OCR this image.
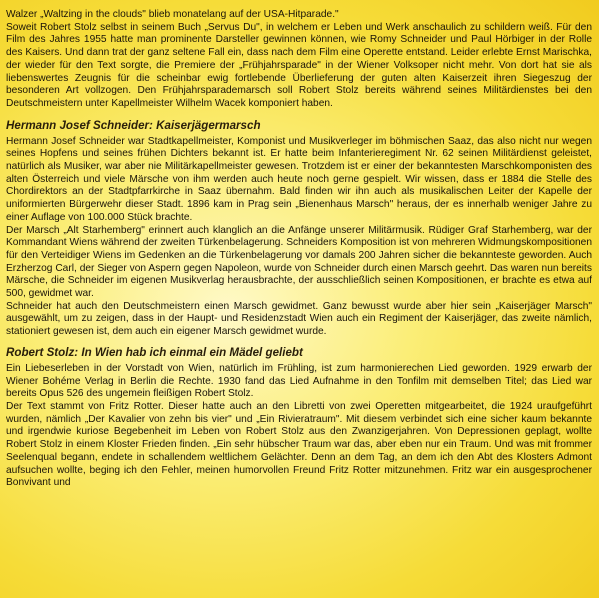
Walzer „Waltzing in the clouds" blieb monatelang auf der USA-Hitparade."

Soweit Robert Stolz selbst in seinem Buch „Servus Du", in welchem er Leben und Werk anschaulich zu schildern weiß. Für den Film des Jahres 1955 hatte man prominente Darsteller gewinnen können, wie Romy Schneider und Paul Hörbiger in der Rolle des Kaisers. Und dann trat der ganz seltene Fall ein, dass nach dem Film eine Operette entstand. Leider erlebte Ernst Marischka, der wieder für den Text sorgte, die Premiere der „Frühjahrsparade" in der Wiener Volksoper nicht mehr. Von dort hat sie als liebenswertes Zeugnis für die scheinbar ewig fortlebende Überlieferung der guten alten Kaiserzeit ihren Siegeszug der besonderen Art vollzogen. Den Frühjahrsparademarsch soll Robert Stolz bereits während seines Militärdienstes bei den Deutschmeistern unter Kapellmeister Wilhelm Wacek komponiert haben.

Hermann Josef Schneider: Kaiserjägermarsch

Hermann Josef Schneider war Stadtkapellmeister, Komponist und Musikverleger im böhmischen Saaz, das also nicht nur wegen seines Hopfens und seines frühen Dichters bekannt ist. Er hatte beim Infanterieregiment Nr. 62 seinen Militärdienst geleistet, natürlich als Musiker, war aber nie Militärkapellmeister gewesen. Trotzdem ist er einer der bekanntesten Marschkomponisten des alten Österreich und viele Märsche von ihm werden auch heute noch gerne gespielt. Wir wissen, dass er 1884 die Stelle des Chordirektors an der Stadtpfarrkirche in Saaz übernahm. Bald finden wir ihn auch als musikalischen Leiter der Kapelle der uniformierten Bürgerwehr dieser Stadt. 1896 kam in Prag sein „Bienenhaus Marsch" heraus, der es innerhalb weniger Jahre zu einer Auflage von 100.000 Stück brachte.

Der Marsch „Alt Starhemberg" erinnert auch klanglich an die Anfänge unserer Militärmusik. Rüdiger Graf Starhemberg, war der Kommandant Wiens während der zweiten Türkenbelagerung. Schneiders Komposition ist von mehreren Widmungskompositionen für den Verteidiger Wiens im Gedenken an die Türkenbelagerung vor damals 200 Jahren sicher die bekannteste geworden. Auch Erzherzog Carl, der Sieger von Aspern gegen Napoleon, wurde von Schneider durch einen Marsch geehrt. Das waren nun bereits Märsche, die Schneider im eigenen Musikverlag herausbrachte, der ausschließlich seinen Kompositionen, er brachte es etwa auf 500, gewidmet war.

Schneider hat auch den Deutschmeistern einen Marsch gewidmet. Ganz bewusst wurde aber hier sein „Kaiserjäger Marsch" ausgewählt, um zu zeigen, dass in der Haupt- und Residenzstadt Wien auch ein Regiment der Kaiserjäger, das zweite nämlich, stationiert gewesen ist, dem auch ein eigener Marsch gewidmet wurde.

Robert Stolz: In Wien hab ich einmal ein Mädel geliebt

Ein Liebeserleben in der Vorstadt von Wien, natürlich im Frühling, ist zum harmonierechen Lied geworden. 1929 erwarb der Wiener Bohéme Verlag in Berlin die Rechte. 1930 fand das Lied Aufnahme in den Tonfilm mit demselben Titel; das Lied war bereits Opus 526 des ungemein fleißigen Robert Stolz.

Der Text stammt von Fritz Rotter. Dieser hatte auch an den Libretti von zwei Operetten mitgearbeitet, die 1924 uraufgeführt wurden, nämlich „Der Kavalier von zehn bis vier" und „Ein Rivieratraum". Mit diesem verbindet sich eine sicher kaum bekannte und irgendwie kuriose Begebenheit im Leben von Robert Stolz aus den Zwanzigerjahren. Von Depressionen geplagt, wollte Robert Stolz in einem Kloster Frieden finden. „Ein sehr hübscher Traum war das, aber eben nur ein Traum. Und was mit frommer Seelenqual begann, endete in schallendem weltlichem Gelächter. Denn an dem Tag, an dem ich den Abt des Klosters Admont aufsuchen wollte, beging ich den Fehler, meinen humorvollen Freund Fritz Rotter mitzunehmen. Fritz war ein ausgesprochener Bonvivant und
